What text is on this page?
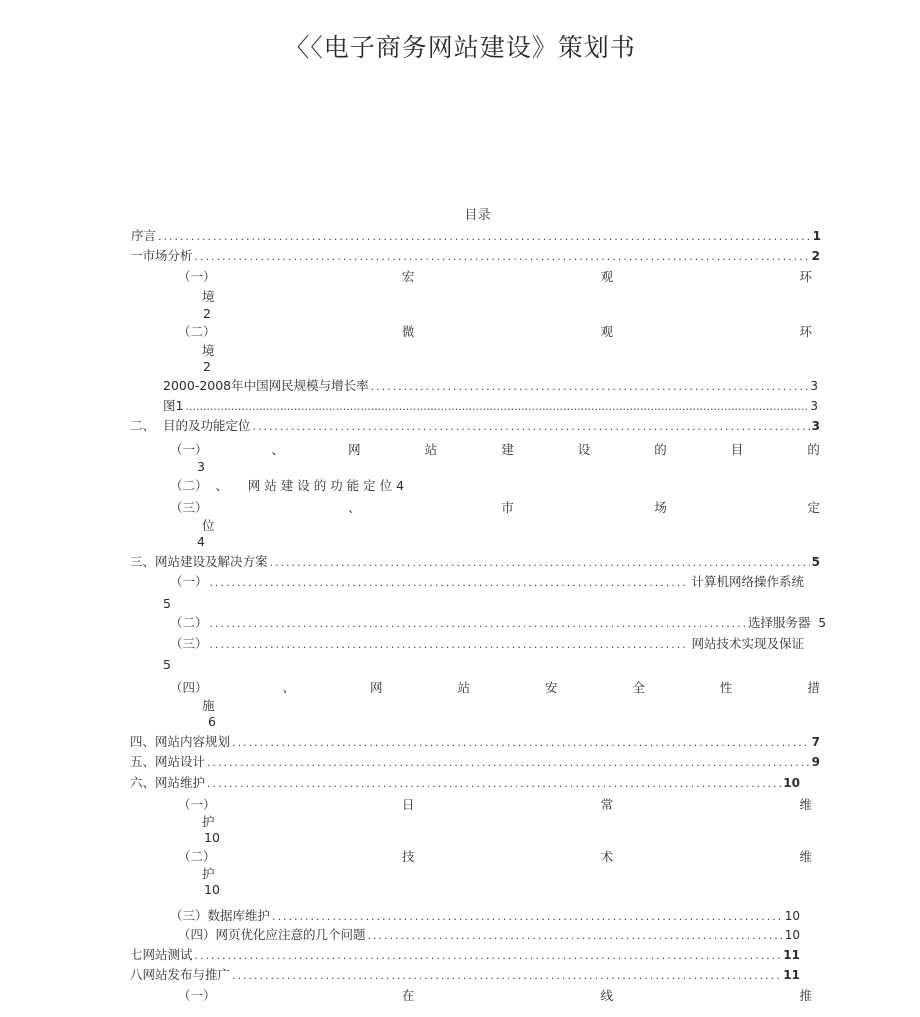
〈〈电子商务网站建设》策划书
目录
序言 .....	1
一市场分析 .....	2
（一）	宏	观	环
境
2
（二）	微	观	环
境
2
2000-2008年中国网民规模与增长率 .....	3
图1 .....	3
二、  目的及功能定位 .....	3
（一）	、	网	站	建	设	的	目	的
3
（二）  、     网 站 建 设 的 功 能 定 位 4
（三）	、	市	场	定
位
4
三、网站建设及解决方案 .....	5
（一） .....	计算机网络操作系统
5
（二） .....	选择服务器 5
（三） .....	网站技术实现及保证
5
（四）	、	网	站	安	全	性	措
施
6
四、网站内容规划 .....	7
五、网站设计 .....	9
六、网站维护 .....	10
（一）	日	常	维
护
10
（二）	技	术	维
护
10
（三）数据库维护 .....	10
（四）网页优化应注意的几个问题 .....	10
七网站测试 .....	11
八网站发布与推广 .....	11
（一）	在	线	推
